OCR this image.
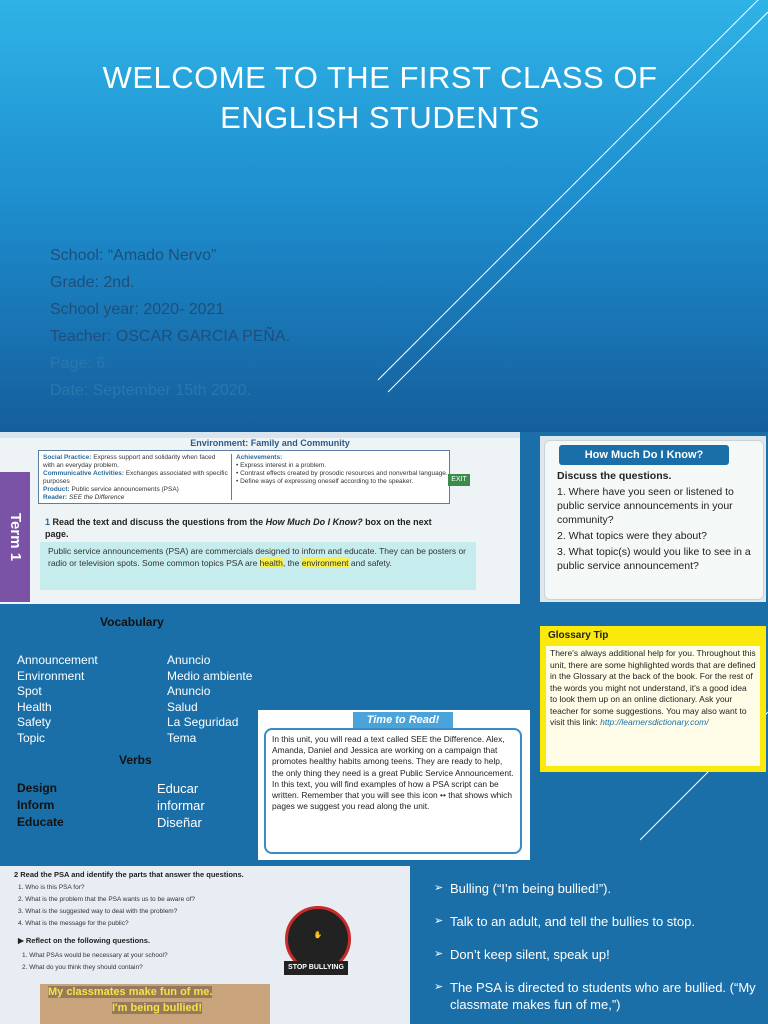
WELCOME TO THE FIRST CLASS OF ENGLISH STUDENTS
School: “Amado Nervo”
Grade: 2nd.
School year: 2020- 2021
Teacher: OSCAR GARCIA PEÑA.
Page: 6
Date: September 15th 2020.
Term 1
Environment: Family and Community
Social Practice: Express support and solidarity when faced with an everyday problem.
Communicative Activities: Exchanges associated with specific purposes
Product: Public service announcements (PSA)
Reader: SEE the Difference
Achievements:
• Express interest in a problem.
• Contrast effects created by prosodic resources and nonverbal language.
• Define ways of expressing oneself according to the speaker.	EXIT
1 Read the text and discuss the questions from the How Much Do I Know? box on the next page.
Public service announcements (PSA) are commercials designed to inform and educate. They can be posters or radio or television spots. Some common topics PSA are health, the environment and safety.
How Much Do I Know?
Discuss the questions.
1. Where have you seen or listened to public service announcements in your community?
2. What topics were they about?
3. What topic(s) would you like to see in a public service announcement?
Vocabulary
Announcement
Environment
Spot
Health
Safety
Topic
Anuncio
Medio ambiente
Anuncio
Salud
La Seguridad
Tema
Verbs
Design
Inform
Educate
Educar
informar
Diseñar
Glossary Tip
There's always additional help for you. Throughout this unit, there are some highlighted words that are defined in the Glossary at the back of the book. For the rest of the words you might not understand, it's a good idea to look them up on an online dictionary. Ask your teacher for some suggestions. You may also want to visit this link: http://learnersdictionary.com/
Time to Read!
In this unit, you will read a text called SEE the Difference. Alex, Amanda, Daniel and Jessica are working on a campaign that promotes healthy habits among teens. They are ready to help, the only thing they need is a great Public Service Announcement. In this text, you will find examples of how a PSA script can be written. Remember that you will see this icon •• that shows which pages we suggest you read along the unit.
2 Read the PSA and identify the parts that answer the questions.
1. Who is this PSA for?
2. What is the problem that the PSA wants us to be aware of?
3. What is the suggested way to deal with the problem?
4. What is the message for the public?
▶ Reflect on the following questions.
1. What PSAs would be necessary at your school?
2. What do you think they should contain?
✋
STOP BULLYING
My classmates make fun of me.
I'm being bullied!
➢ Bulling (“I’m being bullied!”).
➢ Talk to an adult, and tell the bullies to stop.
➢ Don’t keep silent, speak up!
➢ The PSA is directed to students who are bullied. (“My classmate makes fun of me,”)
